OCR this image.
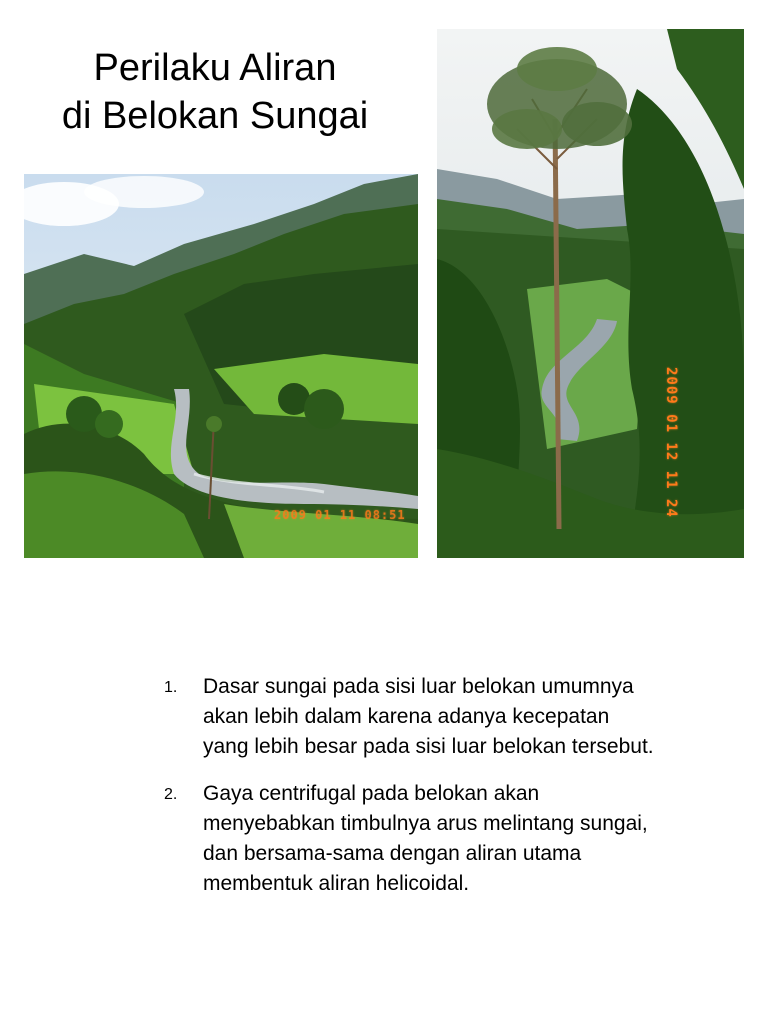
Perilaku Aliran
di Belokan Sungai
2009 01 11 08:51	2009 01 12 11 24
1. Dasar sungai pada sisi luar belokan umumnya akan lebih dalam karena adanya kecepatan yang lebih besar pada sisi luar belokan tersebut.
2. Gaya centrifugal pada belokan akan menyebabkan timbulnya arus melintang sungai, dan bersama-sama dengan aliran utama membentuk aliran helicoidal.
